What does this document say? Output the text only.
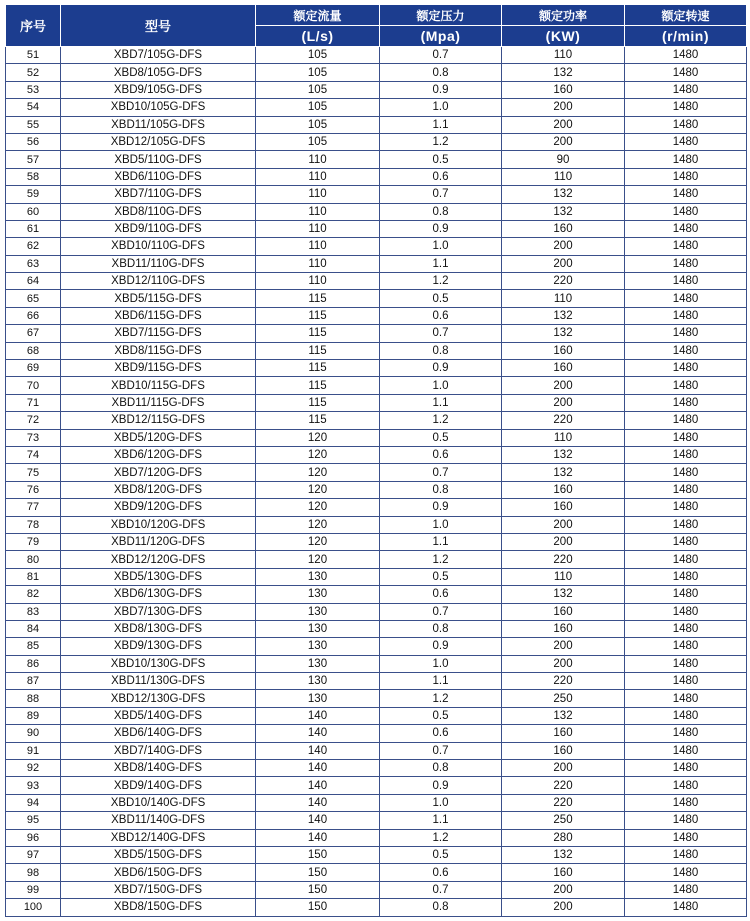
序号	型号	额定流量	额定压力	额定功率	额定转速
		(L/s)	(Mpa)	(KW)	(r/min)
51	XBD7/105G-DFS	105	0.7	110	1480
52	XBD8/105G-DFS	105	0.8	132	1480
53	XBD9/105G-DFS	105	0.9	160	1480
54	XBD10/105G-DFS	105	1.0	200	1480
55	XBD11/105G-DFS	105	1.1	200	1480
56	XBD12/105G-DFS	105	1.2	200	1480
57	XBD5/110G-DFS	110	0.5	90	1480
58	XBD6/110G-DFS	110	0.6	110	1480
59	XBD7/110G-DFS	110	0.7	132	1480
60	XBD8/110G-DFS	110	0.8	132	1480
61	XBD9/110G-DFS	110	0.9	160	1480
62	XBD10/110G-DFS	110	1.0	200	1480
63	XBD11/110G-DFS	110	1.1	200	1480
64	XBD12/110G-DFS	110	1.2	220	1480
65	XBD5/115G-DFS	115	0.5	110	1480
66	XBD6/115G-DFS	115	0.6	132	1480
67	XBD7/115G-DFS	115	0.7	132	1480
68	XBD8/115G-DFS	115	0.8	160	1480
69	XBD9/115G-DFS	115	0.9	160	1480
70	XBD10/115G-DFS	115	1.0	200	1480
71	XBD11/115G-DFS	115	1.1	200	1480
72	XBD12/115G-DFS	115	1.2	220	1480
73	XBD5/120G-DFS	120	0.5	110	1480
74	XBD6/120G-DFS	120	0.6	132	1480
75	XBD7/120G-DFS	120	0.7	132	1480
76	XBD8/120G-DFS	120	0.8	160	1480
77	XBD9/120G-DFS	120	0.9	160	1480
78	XBD10/120G-DFS	120	1.0	200	1480
79	XBD11/120G-DFS	120	1.1	200	1480
80	XBD12/120G-DFS	120	1.2	220	1480
81	XBD5/130G-DFS	130	0.5	110	1480
82	XBD6/130G-DFS	130	0.6	132	1480
83	XBD7/130G-DFS	130	0.7	160	1480
84	XBD8/130G-DFS	130	0.8	160	1480
85	XBD9/130G-DFS	130	0.9	200	1480
86	XBD10/130G-DFS	130	1.0	200	1480
87	XBD11/130G-DFS	130	1.1	220	1480
88	XBD12/130G-DFS	130	1.2	250	1480
89	XBD5/140G-DFS	140	0.5	132	1480
90	XBD6/140G-DFS	140	0.6	160	1480
91	XBD7/140G-DFS	140	0.7	160	1480
92	XBD8/140G-DFS	140	0.8	200	1480
93	XBD9/140G-DFS	140	0.9	220	1480
94	XBD10/140G-DFS	140	1.0	220	1480
95	XBD11/140G-DFS	140	1.1	250	1480
96	XBD12/140G-DFS	140	1.2	280	1480
97	XBD5/150G-DFS	150	0.5	132	1480
98	XBD6/150G-DFS	150	0.6	160	1480
99	XBD7/150G-DFS	150	0.7	200	1480
100	XBD8/150G-DFS	150	0.8	200	1480
